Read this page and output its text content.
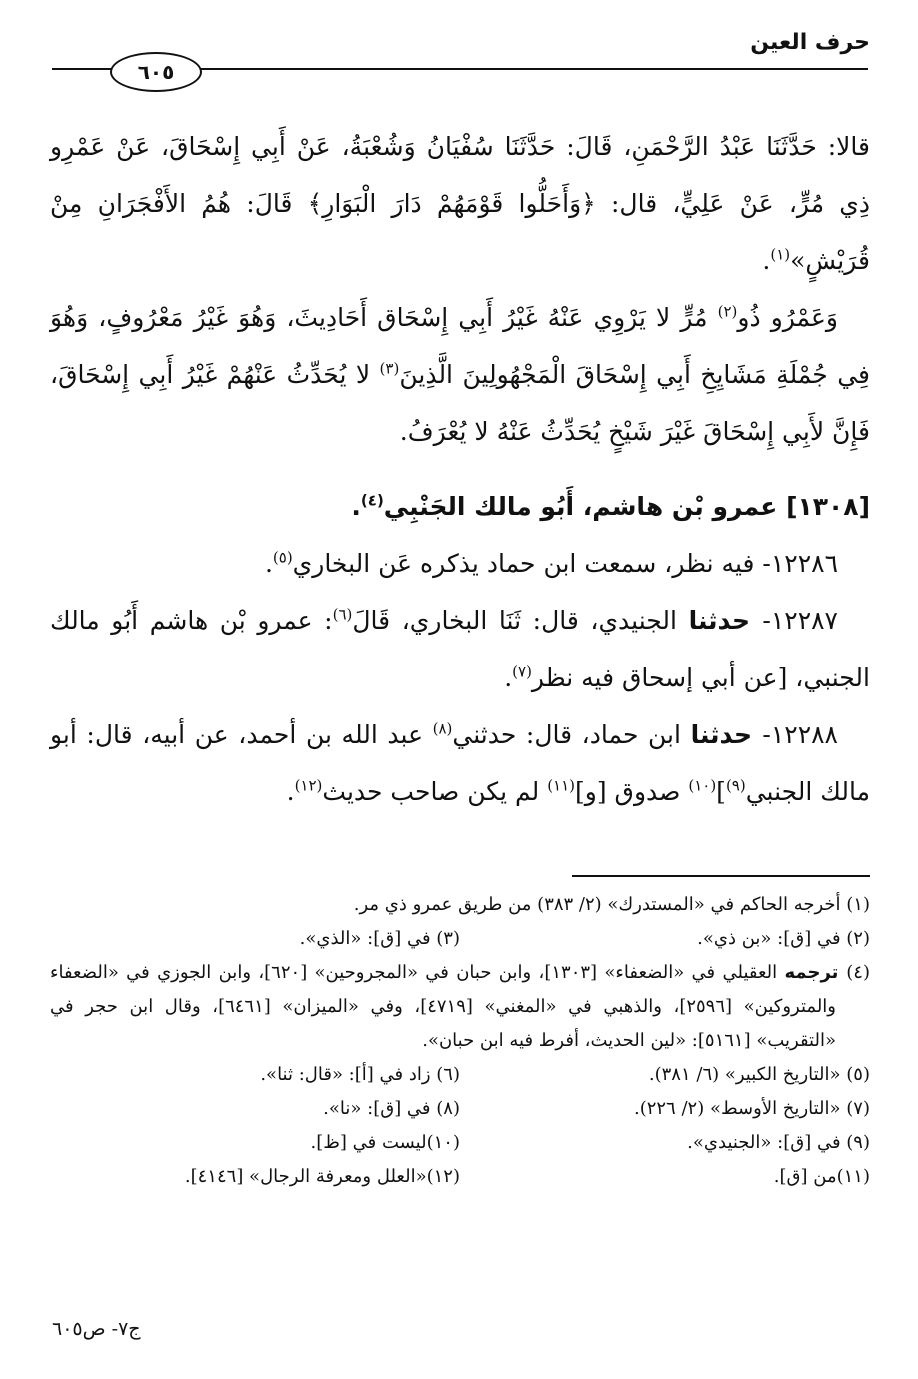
حرف العين
٦٠٥

قالا: حَدَّثَنَا عَبْدُ الرَّحْمَنِ، قَالَ: حَدَّثَنَا سُفْيَانُ وَشُعْبَةُ، عَنْ أَبِي إِسْحَاقَ، عَنْ عَمْرِو ذِي مُرٍّ، عَنْ عَلِيٍّ، قال: ﴿وَأَحَلُّوا قَوْمَهُمْ دَارَ الْبَوَارِ﴾ قَالَ: هُمُ الأَفْجَرَانِ مِنْ قُرَيْشٍ»$^{(١)}$.

وَعَمْرُو ذُو$^{(٢)}$ مُرٍّ لا يَرْوِي عَنْهُ غَيْرُ أَبِي إِسْحَاق أَحَادِيثَ، وَهُوَ غَيْرُ مَعْرُوفٍ، وَهُوَ فِي جُمْلَةِ مَشَايِخِ أَبِي إِسْحَاقَ الْمَجْهُولِينَ الَّذِينَ$^{(٣)}$ لا يُحَدِّثُ عَنْهُمْ غَيْرُ أَبِي إِسْحَاقَ، فَإِنَّ لأَبِي إِسْحَاقَ غَيْرَ شَيْخٍ يُحَدِّثُ عَنْهُ لا يُعْرَفُ.

[١٣٠٨] عمرو بْن هاشم، أَبُو مالك الجَنْبِي$^{(٤)}$.

١٢٢٨٦- فيه نظر، سمعت ابن حماد يذكره عَن البخاري$^{(٥)}$.

١٢٢٨٧- حدثنا الجنيدي، قال: ثَنَا البخاري، قَالَ$^{(٦)}$: عمرو بْن هاشم أَبُو مالك الجنبي، [عن أبي إسحاق فيه نظر$^{(٧)}$.

١٢٢٨٨- حدثنا ابن حماد، قال: حدثني$^{(٨)}$ عبد الله بن أحمد، عن أبيه، قال: أبو مالك الجنبي$^{(٩)}$]$^{(١٠)}$ صدوق [و]$^{(١١)}$ لم يكن صاحب حديث$^{(١٢)}$.

(١) أخرجه الحاكم في «المستدرك» (٢/ ٣٨٣) من طريق عمرو ذي مر.

(٢) في [ق]: «بن ذي».

(٣) في [ق]: «الذي».

(٤) ترجمه العقيلي في «الضعفاء» [١٣٠٣]، وابن حبان في «المجروحين» [٦٢٠]، وابن الجوزي في «الضعفاء والمتروكين» [٢٥٩٦]، والذهبي في «المغني» [٤٧١٩]، وفي «الميزان» [٦٤٦١]، وقال ابن حجر في «التقريب» [٥١٦١]: «لين الحديث، أفرط فيه ابن حبان».

(٥) «التاريخ الكبير» (٦/ ٣٨١).

(٦) زاد في [أ]: «قال: ثنا».

(٧) «التاريخ الأوسط» (٢/ ٢٢٦).

(٨) في [ق]: «نا».

(٩) في [ق]: «الجنيدي».

(١٠)ليست في [ظ].

(١١)من [ق].

(١٢)«العلل ومعرفة الرجال» [٤١٤٦].

ج٧- ص٦٠٥
